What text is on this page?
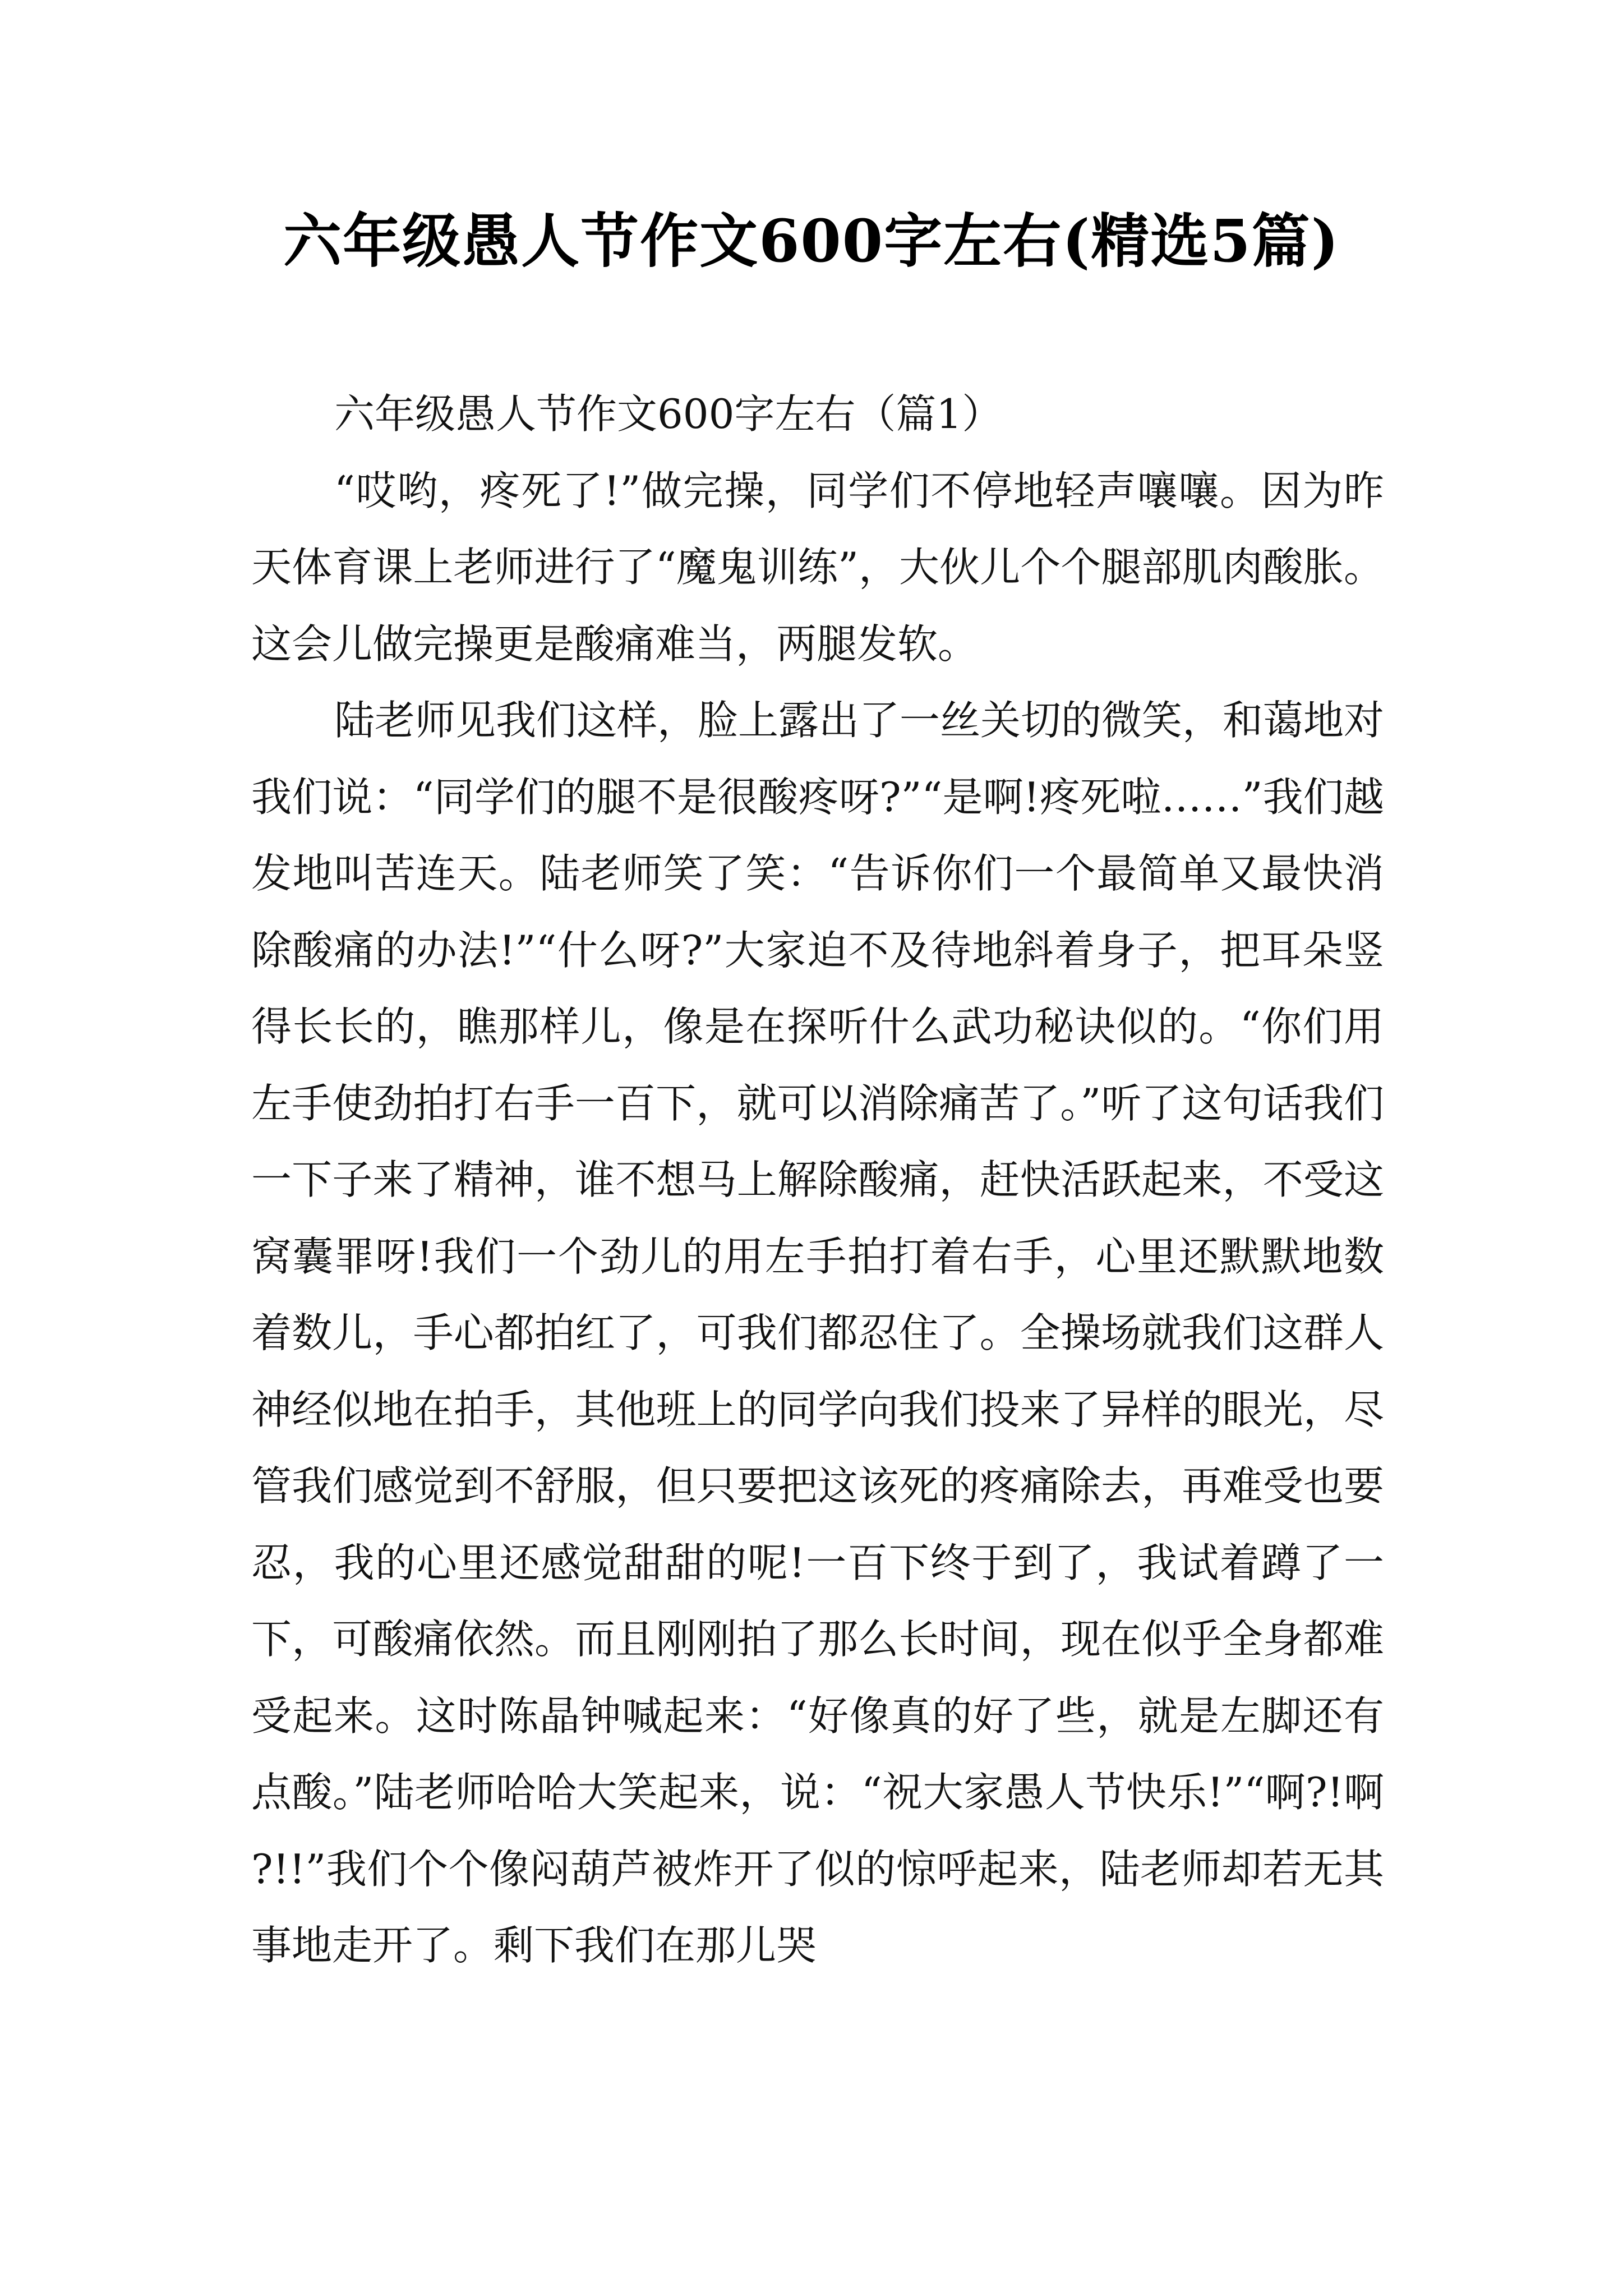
六年级愚人节作文600字左右(精选5篇)

六年级愚人节作文600字左右（篇1）

“哎哟，疼死了!”做完操，同学们不停地轻声嚷嚷。因为昨天体育课上老师进行了“魔鬼训练”，大伙儿个个腿部肌肉酸胀。这会儿做完操更是酸痛难当，两腿发软。

陆老师见我们这样，脸上露出了一丝关切的微笑，和蔼地对我们说：“同学们的腿不是很酸疼呀?”“是啊!疼死啦……”我们越发地叫苦连天。陆老师笑了笑：“告诉你们一个最简单又最快消除酸痛的办法!”“什么呀?”大家迫不及待地斜着身子，把耳朵竖得长长的，瞧那样儿，像是在探听什么武功秘诀似的。“你们用左手使劲拍打右手一百下，就可以消除痛苦了。”听了这句话我们一下子来了精神，谁不想马上解除酸痛，赶快活跃起来，不受这窝囊罪呀!我们一个劲儿的用左手拍打着右手，心里还默默地数着数儿，手心都拍红了，可我们都忍住了。全操场就我们这群人神经似地在拍手，其他班上的同学向我们投来了异样的眼光，尽管我们感觉到不舒服，但只要把这该死的疼痛除去，再难受也要忍，我的心里还感觉甜甜的呢!一百下终于到了，我试着蹲了一下，可酸痛依然。而且刚刚拍了那么长时间，现在似乎全身都难受起来。这时陈晶钟喊起来：“好像真的好了些，就是左脚还有点酸。”陆老师哈哈大笑起来，说：“祝大家愚人节快乐!”“啊?!啊?!!”我们个个像闷葫芦被炸开了似的惊呼起来，陆老师却若无其事地走开了。剩下我们在那儿哭
